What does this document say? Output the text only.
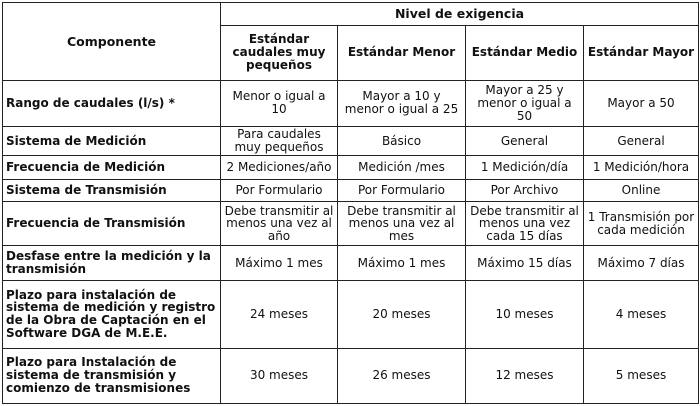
Componente	Nivel de exigencia			
	Estándar caudales muy pequeños	Estándar Menor	Estándar Medio	Estándar Mayor
Rango de caudales (l/s) *	Menor o igual a 10	Mayor a 10 y menor o igual a 25	Mayor a 25 y menor o igual a 50	Mayor a 50
Sistema de Medición	Para caudales muy pequeños	Básico	General	General
Frecuencia de Medición	2 Mediciones/año	Medición /mes	1 Medición/día	1 Medición/hora
Sistema de Transmisión	Por Formulario	Por Formulario	Por Archivo	Online
Frecuencia de Transmisión	Debe transmitir al menos una vez al año	Debe transmitir al menos una vez al mes	Debe transmitir al menos una vez cada 15 días	1 Transmisión por cada medición
Desfase entre la medición y la transmisión	Máximo 1 mes	Máximo 1 mes	Máximo 15 días	Máximo 7 días
Plazo para instalación de sistema de medición y registro de la Obra de Captación en el Software DGA de M.E.E.	24 meses	20 meses	10 meses	4 meses
Plazo para Instalación de sistema de transmisión y comienzo de transmisiones	30 meses	26 meses	12 meses	5 meses
